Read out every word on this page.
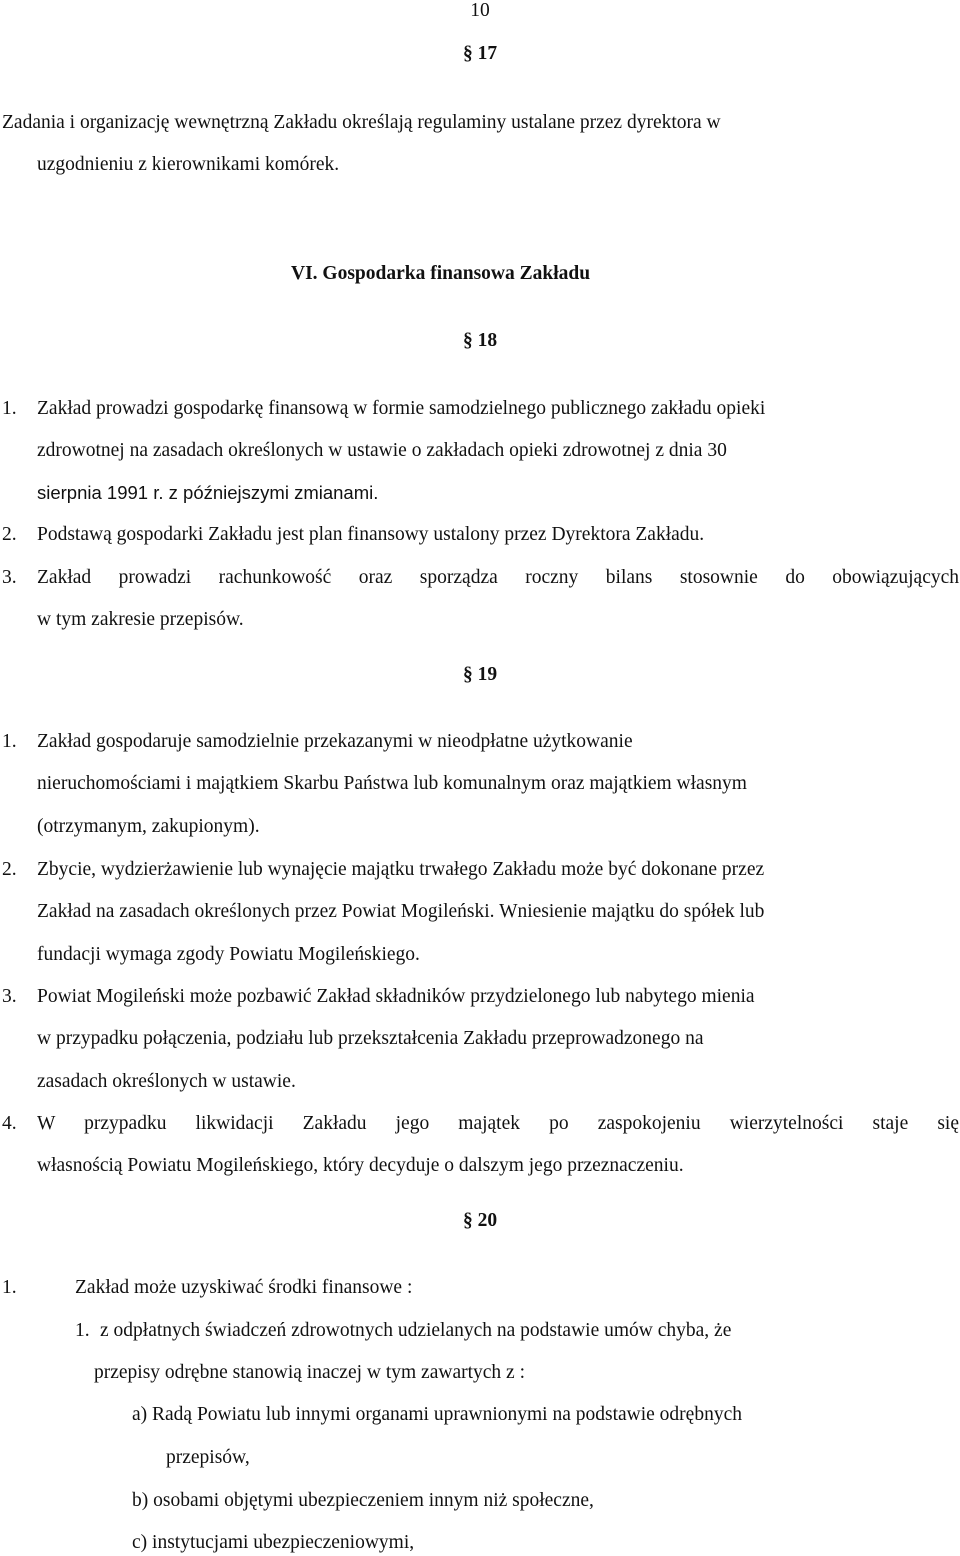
10
§ 17
Zadania i organizację wewnętrzną Zakładu określają regulaminy ustalane przez dyrektora w
uzgodnieniu z kierownikami komórek.
VI. Gospodarka finansowa Zakładu
§ 18
1. Zakład prowadzi gospodarkę finansową w formie samodzielnego publicznego zakładu opieki
zdrowotnej na zasadach określonych w ustawie o zakładach opieki zdrowotnej z dnia 30
sierpnia 1991 r. z późniejszymi zmianami.
2. Podstawą gospodarki Zakładu jest plan finansowy ustalony przez Dyrektora Zakładu.
3. Zakład prowadzi rachunkowość oraz sporządza roczny bilans stosownie do obowiązujących
w tym zakresie przepisów.
§ 19
1. Zakład gospodaruje samodzielnie przekazanymi w nieodpłatne użytkowanie
nieruchomościami i majątkiem Skarbu Państwa lub komunalnym oraz majątkiem własnym
(otrzymanym, zakupionym).
2. Zbycie, wydzierżawienie lub wynajęcie majątku trwałego Zakładu może być dokonane przez
Zakład na zasadach określonych przez Powiat Mogileński. Wniesienie majątku do spółek lub
fundacji wymaga zgody Powiatu Mogileńskiego.
3. Powiat Mogileński może pozbawić Zakład składników przydzielonego lub nabytego mienia
w przypadku połączenia, podziału lub przekształcenia Zakładu przeprowadzonego na
zasadach określonych w ustawie.
4. W przypadku likwidacji Zakładu jego majątek po zaspokojeniu wierzytelności staje się
własnością Powiatu Mogileńskiego, który decyduje o dalszym jego przeznaczeniu.
§ 20
1.	Zakład może uzyskiwać środki finansowe :
1. z odpłatnych świadczeń zdrowotnych udzielanych na podstawie umów chyba, że
przepisy odrębne stanowią inaczej w tym zawartych z :
a) Radą Powiatu lub innymi organami uprawnionymi na podstawie odrębnych
przepisów,
b) osobami objętymi ubezpieczeniem innym niż społeczne,
c) instytucjami ubezpieczeniowymi,
